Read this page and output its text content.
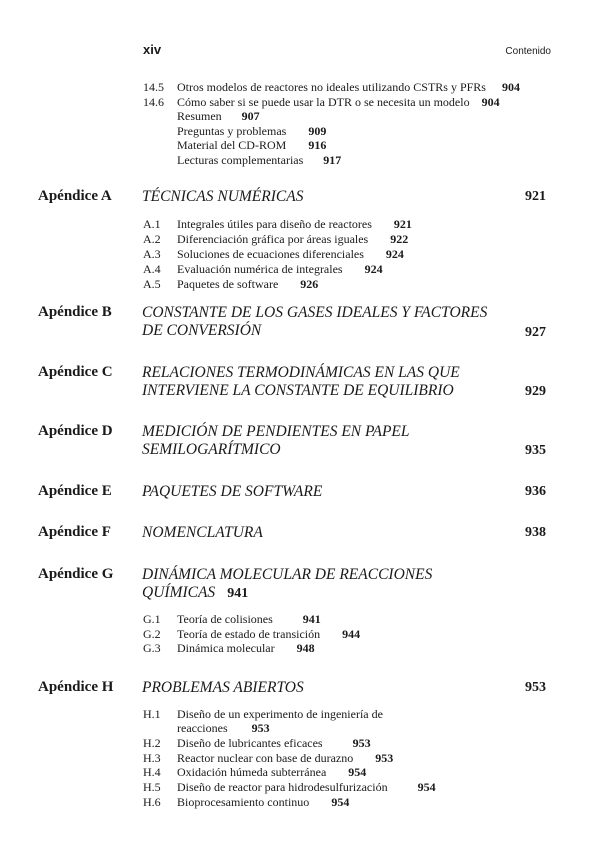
xiv	Contenido
14.5 Otros modelos de reactores no ideales utilizando CSTRs y PFRs 904
14.6 Cómo saber si se puede usar la DTR o se necesita un modelo 904
Resumen 907
Preguntas y problemas 909
Material del CD-ROM 916
Lecturas complementarias 917
Apéndice A TÉCNICAS NUMÉRICAS	921
A.1 Integrales útiles para diseño de reactores 921
A.2 Diferenciación gráfica por áreas iguales 922
A.3 Soluciones de ecuaciones diferenciales 924
A.4 Evaluación numérica de integrales 924
A.5 Paquetes de software 926
Apéndice B CONSTANTE DE LOS GASES IDEALES Y FACTORES
DE CONVERSIÓN	927
Apéndice C RELACIONES TERMODINÁMICAS EN LAS QUE
INTERVIENE LA CONSTANTE DE EQUILIBRIO	929
Apéndice D MEDICIÓN DE PENDIENTES EN PAPEL
SEMILOGARÍTMICO	935
Apéndice E PAQUETES DE SOFTWARE	936
Apéndice F NOMENCLATURA	938
Apéndice G DINÁMICA MOLECULAR DE REACCIONES
QUÍMICAS 941
G.1 Teoría de colisiones	941
G.2 Teoría de estado de transición 944
G.3 Dinámica molecular 948
Apéndice H PROBLEMAS ABIERTOS	953
H.1 Diseño de un experimento de ingeniería de
reacciones 953
H.2 Diseño de lubricantes eficaces	953
H.3 Reactor nuclear con base de durazno 953
H.4 Oxidación húmeda subterránea 954
H.5 Diseño de reactor para hidrodesulfurización	954
H.6 Bioprocesamiento continuo 954
